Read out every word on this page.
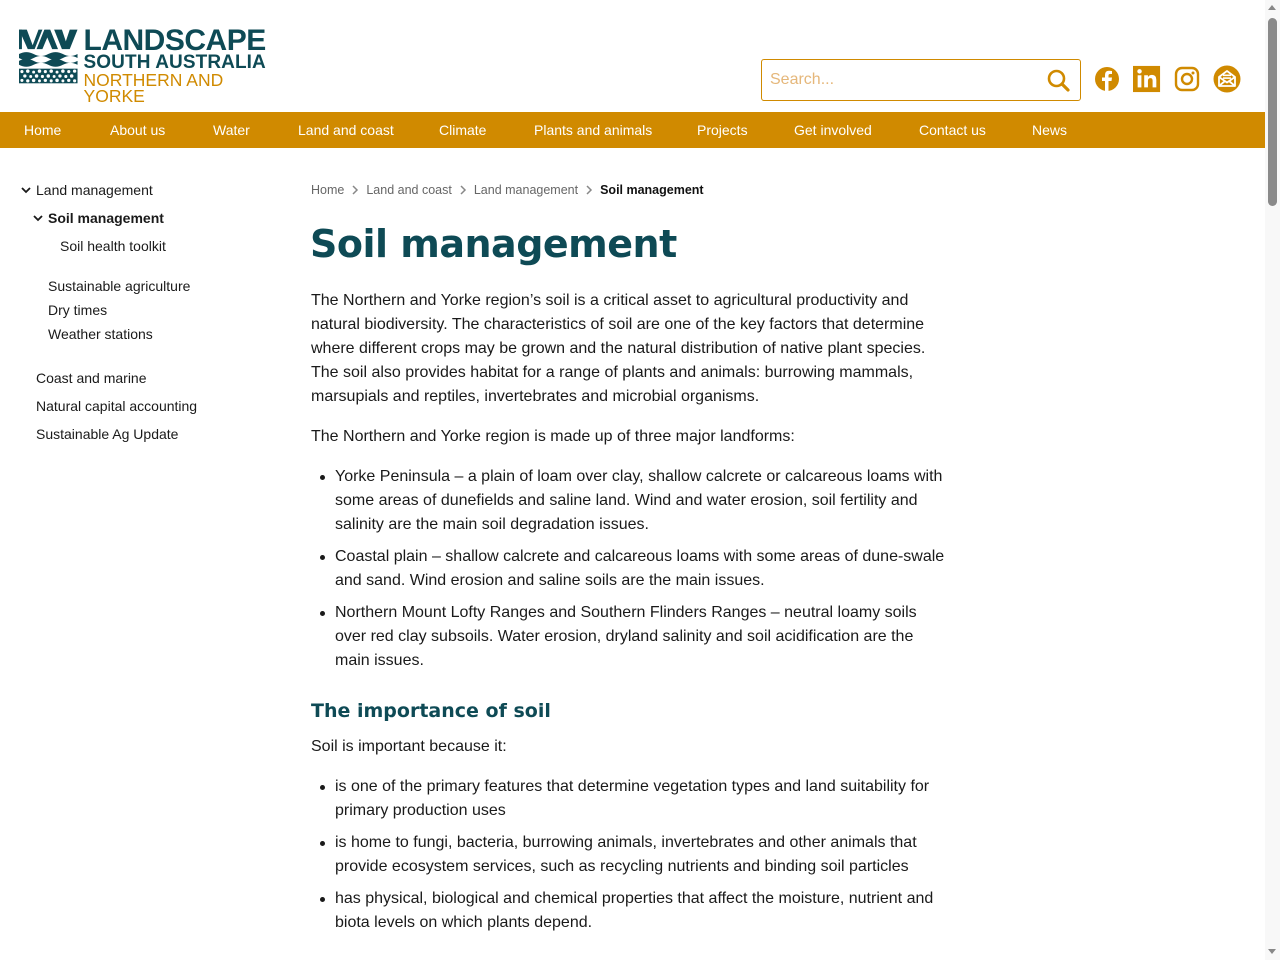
LANDSCAPE
SOUTH AUSTRALIA
NORTHERN AND YORKE
Search...
Home	About us	Water	Land and coast	Climate	Plants and animals	Projects	Get involved	Contact us	News
Land management
Soil management
Soil health toolkit
Sustainable agriculture
Dry times
Weather stations
Coast and marine
Natural capital accounting
Sustainable Ag Update
Home Land and coast Land management Soil management
Soil management

The Northern and Yorke region’s soil is a critical asset to agricultural productivity and natural biodiversity. The characteristics of soil are one of the key factors that determine where different crops may be grown and the natural distribution of native plant species. The soil also provides habitat for a range of plants and animals: burrowing mammals, marsupials and reptiles, invertebrates and microbial organisms.

The Northern and Yorke region is made up of three major landforms:

Yorke Peninsula – a plain of loam over clay, shallow calcrete or calcareous loams with some areas of dunefields and saline land. Wind and water erosion, soil fertility and salinity are the main soil degradation issues.
Coastal plain – shallow calcrete and calcareous loams with some areas of dune-swale and sand. Wind erosion and saline soils are the main issues.
Northern Mount Lofty Ranges and Southern Flinders Ranges – neutral loamy soils over red clay subsoils. Water erosion, dryland salinity and soil acidification are the main issues.
The importance of soil

Soil is important because it:

is one of the primary features that determine vegetation types and land suitability for primary production uses
is home to fungi, bacteria, burrowing animals, invertebrates and other animals that provide ecosystem services, such as recycling nutrients and binding soil particles
has physical, biological and chemical properties that affect the moisture, nutrient and biota levels on which plants depend.
